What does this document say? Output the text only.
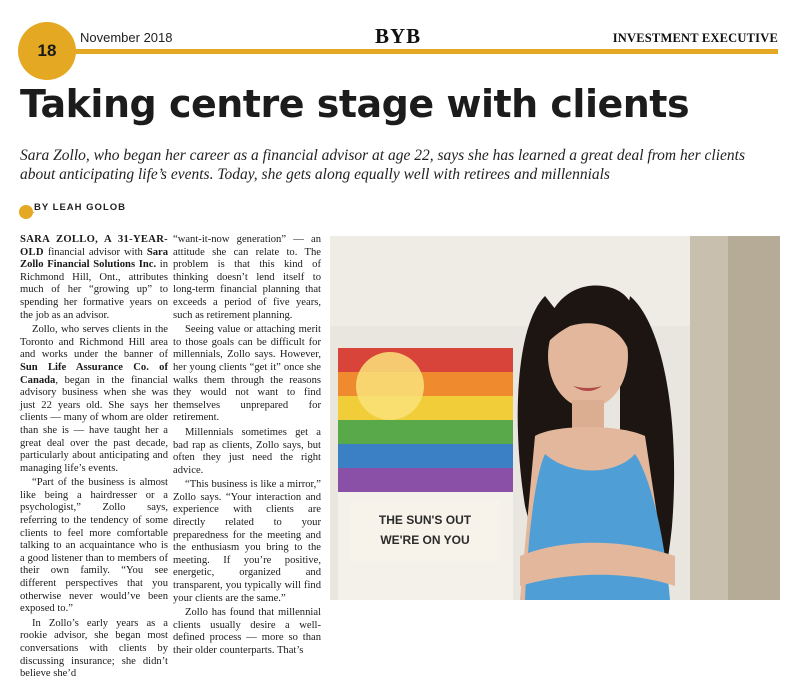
18
November 2018	BYB	INVESTMENT EXECUTIVE
Taking centre stage with clients

Sara Zollo, who began her career as a financial advisor at age 22, says she has learned a great deal from her clients about anticipating life’s events. Today, she gets along equally well with retirees and millennials

BY LEAH GOLOB

SARA ZOLLO, A 31-YEAR-OLD financial advisor with Sara Zollo Financial Solutions Inc. in Richmond Hill, Ont., attributes much of her “growing up” to spending her formative years on the job as an advisor.

Zollo, who serves clients in the Toronto and Richmond Hill area and works under the banner of Sun Life Assurance Co. of Canada, began in the financial advisory business when she was just 22 years old. She says her clients — many of whom are older than she is — have taught her a great deal over the past decade, particularly about anticipating and managing life’s events.

“Part of the business is almost like being a hairdresser or a psychologist,” Zollo says, referring to the tendency of some clients to feel more comfortable talking to an acquaintance who is a good listener than to members of their own family. “You see different perspectives that you otherwise never would’ve been exposed to.”

In Zollo’s early years as a rookie advisor, she began most conversations with clients by discussing insurance; she didn’t believe she’d

“want-it-now generation” — an attitude she can relate to. The problem is that this kind of thinking doesn’t lend itself to long-term financial planning that exceeds a period of five years, such as retirement planning.

Seeing value or attaching merit to those goals can be difficult for millennials, Zollo says. However, her young clients “get it” once she walks them through the reasons they would not want to find themselves unprepared for retirement.

Millennials sometimes get a bad rap as clients, Zollo says, but often they just need the right advice.

“This business is like a mirror,” Zollo says. “Your interaction and experience with clients are directly related to your preparedness for the meeting and the enthusiasm you bring to the meeting. If you’re positive, energetic, organized and transparent, you typically will find your clients are the same.”

Zollo has found that millennial clients usually desire a well-defined process — more so than their older counterparts. That’s

THE SUN'S OUT
WE'RE ON YOU
